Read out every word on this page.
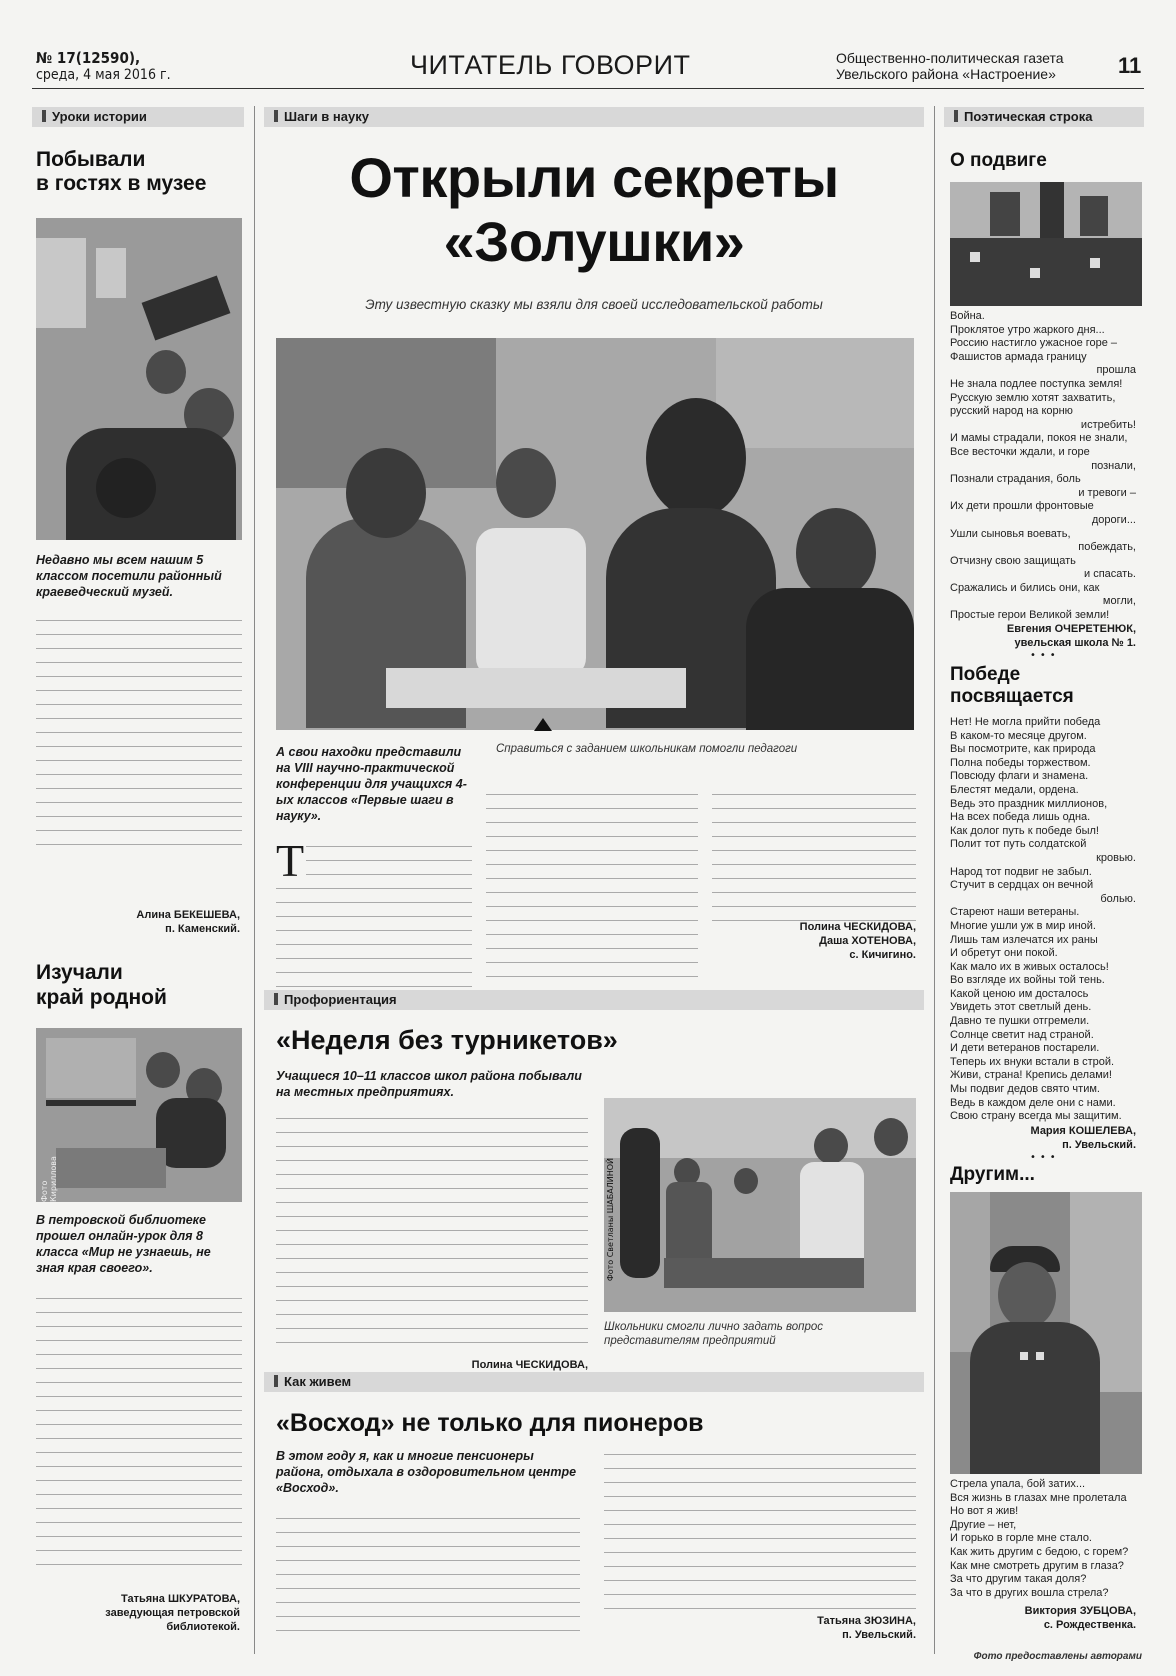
№ 17(12590),
среда, 4 мая 2016 г.	ЧИТАТЕЛЬ ГОВОРИТ	Общественно-политическая газета
Увельского района «Настроение»	11
Уроки истории
Побывали
в гостях в музее
Недавно мы всем нашим 5 классом посетили районный краеведческий музей.
Алина БЕКЕШЕВА,
п. Каменский.
Изучали
край родной
Фото Кириллова
В петровской библиотеке прошел онлайн-урок для 8 класса «Мир не узнаешь, не зная края своего».
Татьяна ШКУРАТОВА,
заведующая петровской библиотекой.
Шаги в науку
Открыли секреты
«Золушки»
Эту известную сказку мы взяли для своей исследовательской работы
Справиться с заданием школьникам помогли педагоги
А свои находки представили на VIII научно-практической конференции для учащихся 4-ых классов «Первые шаги в науку».
Т
Полина ЧЕСКИДОВА,
Даша ХОТЕНОВА,
с. Кичигино.
Профориентация
«Неделя без турникетов»
Учащиеся 10–11 классов школ района побывали на местных предприятиях.
Полина ЧЕСКИДОВА,

Фото Светланы ШАБАЛИНОЙ
Школьники смогли лично задать вопрос представителям предприятий
Как живем
«Восход» не только для пионеров
В этом году я, как и многие пенсионеры района, отдыхала в оздоровительном центре «Восход».
Татьяна ЗЮЗИНА,
п. Увельский.
Поэтическая строка
О подвиге
Война.
Проклятое утро жаркого дня...
Россию настигло ужасное горе –
Фашистов армада границу
прошла
Не знала подлее поступка земля!
Русскую землю хотят захватить,
русский народ на корню
истребить!
И мамы страдали, покоя не знали,
Все весточки ждали, и горе
познали,
Познали страдания, боль
и тревоги –
Их дети прошли фронтовые
дороги...
Ушли сыновья воевать,
побеждать,
Отчизну свою защищать
и спасать.
Сражались и бились они, как
могли,
Простые герои Великой земли!
Евгения ОЧЕРЕТЕНЮК,
увельская школа № 1.
•••
Победе
посвящается
Нет! Не могла прийти победа
В каком-то месяце другом.
Вы посмотрите, как природа
Полна победы торжеством.
Повсюду флаги и знамена.
Блестят медали, ордена.
Ведь это праздник миллионов,
На всех победа лишь одна.
Как долог путь к победе был!
Полит тот путь солдатской
кровью.
Народ тот подвиг не забыл.
Стучит в сердцах он вечной
болью.
Стареют наши ветераны.
Многие ушли уж в мир иной.
Лишь там излечатся их раны
И обретут они покой.
Как мало их в живых осталось!
Во взгляде их войны той тень.
Какой ценою им досталось
Увидеть этот светлый день.
Давно те пушки отгремели.
Солнце светит над страной.
И дети ветеранов постарели.
Теперь их внуки встали в строй.
Живи, страна! Крепись делами!
Мы подвиг дедов свято чтим.
Ведь в каждом деле они с нами.
Свою страну всегда мы защитим.
Мария КОШЕЛЕВА,
п. Увельский.
•••
Другим...
Стрела упала, бой затих...
Вся жизнь в глазах мне пролетала
Но вот я жив!
Другие – нет,
И горько в горле мне стало.
Как жить другим с бедою, с горем?
Как мне смотреть другим в глаза?
За что другим такая доля?
За что в других вошла стрела?
Виктория ЗУБЦОВА,
с. Рождественка.
Фото предоставлены авторами
